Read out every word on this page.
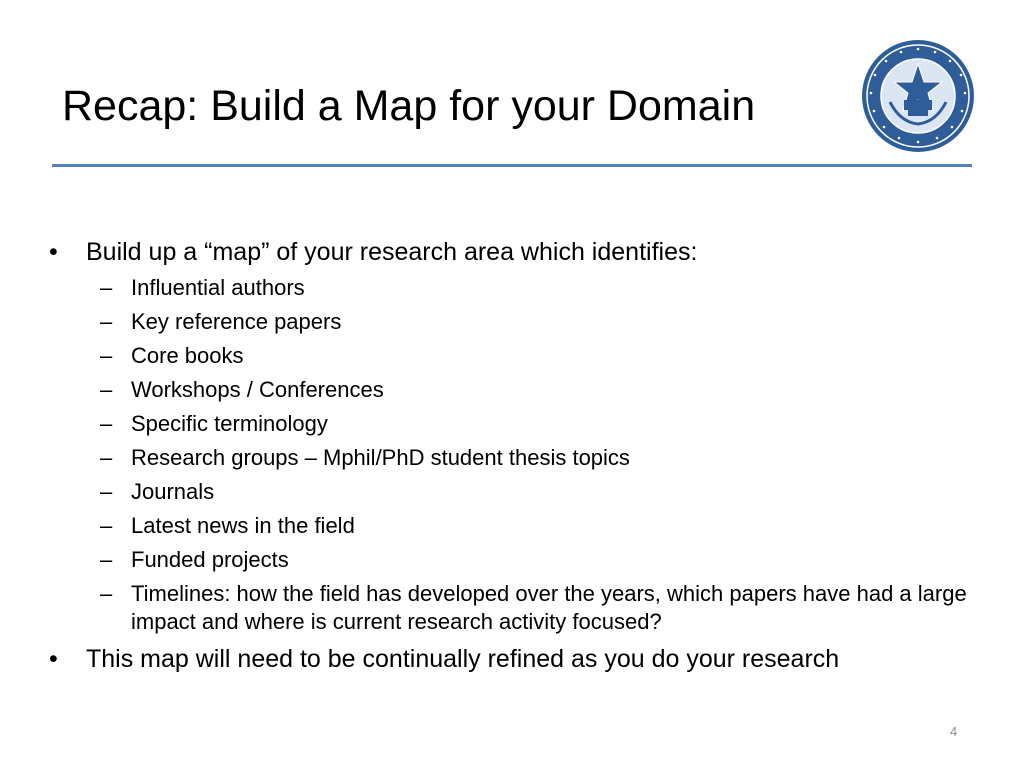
Recap: Build a Map for your Domain
• Build up a “map” of your research area which identifies:
– Influential authors
– Key reference papers
– Core books
– Workshops / Conferences
– Specific terminology
– Research groups – Mphil/PhD student thesis topics
– Journals
– Latest news in the field
– Funded projects
– Timelines: how the field has developed over the years, which papers have had a large impact and where is current research activity focused?
• This map will need to be continually refined as you do your research
4
